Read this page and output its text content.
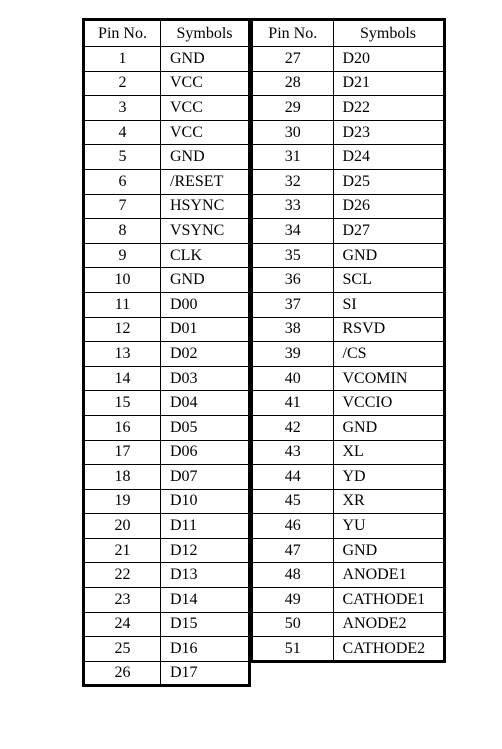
Pin No.	Symbols
1	GND
2	VCC
3	VCC
4	VCC
5	GND
6	/RESET
7	HSYNC
8	VSYNC
9	CLK
10	GND
11	D00
12	D01
13	D02
14	D03
15	D04
16	D05
17	D06
18	D07
19	D10
20	D11
21	D12
22	D13
23	D14
24	D15
25	D16
26	D17
Pin No.	Symbols
27	D20
28	D21
29	D22
30	D23
31	D24
32	D25
33	D26
34	D27
35	GND
36	SCL
37	SI
38	RSVD
39	/CS
40	VCOMIN
41	VCCIO
42	GND
43	XL
44	YD
45	XR
46	YU
47	GND
48	ANODE1
49	CATHODE1
50	ANODE2
51	CATHODE2
